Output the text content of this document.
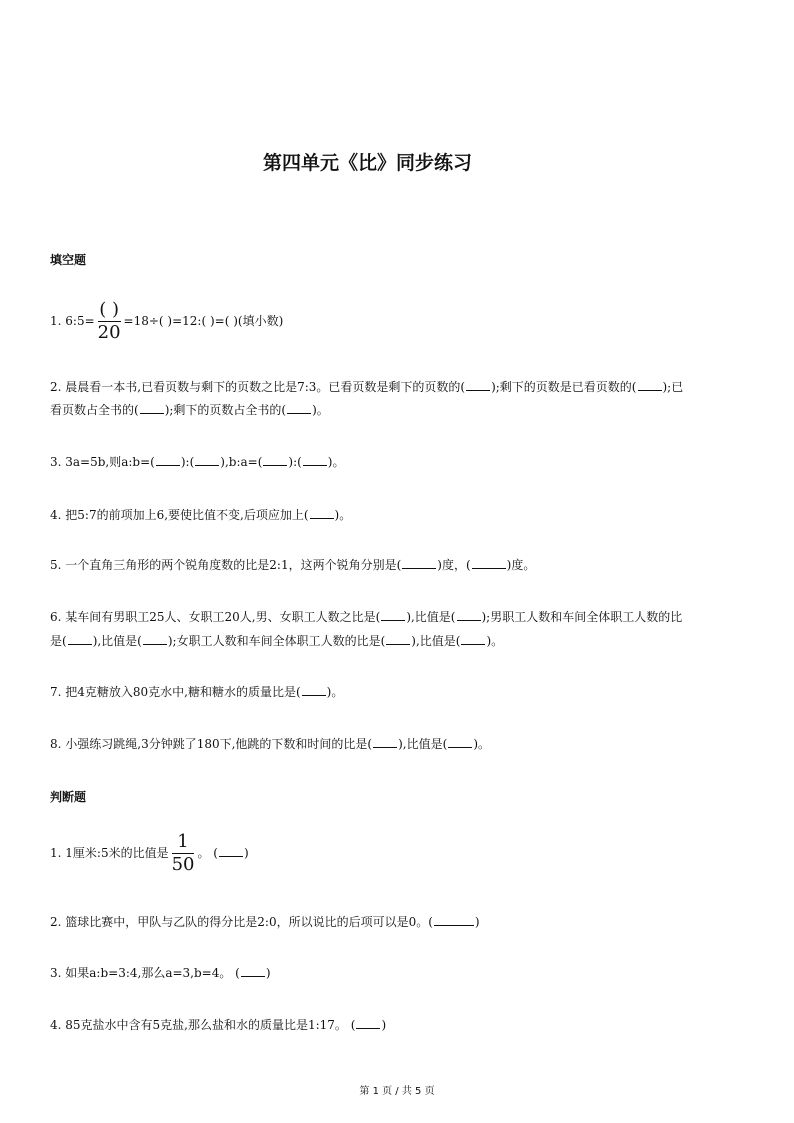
第四单元《比》同步练习
填空题
1. 6:5= $\frac{( )}{20} =18\div$( )=12:( )=( )(填小数)
2. 晨晨看一本书,已看页数与剩下的页数之比是7:3。已看页数是剩下的页数的( );剩下的页数是已看页数的( );已
看页数占全书的( );剩下的页数占全书的( )。
3. 3a=5b,则a:b=( ):( ),b:a=( ):( )。
4. 把5:7的前项加上6,要使比值不变,后项应加上( )。
5. 一个直角三角形的两个锐角度数的比是2:1，这两个锐角分别是(	)度，(	)度。
6. 某车间有男职工25人、女职工20人,男、女职工人数之比是( ),比值是( );男职工人数和车间全体职工人数的比
是( ),比值是( );女职工人数和车间全体职工人数的比是( ),比值是( )。
7. 把4克糖放入80克水中,糖和糖水的质量比是( )。
8. 小强练习跳绳,3分钟跳了180下,他跳的下数和时间的比是( ),比值是( )。
判断题
1. 1厘米:5米的比值是 $\frac{1}{50}$ 。 ( )
2. 篮球比赛中，甲队与乙队的得分比是2:0，所以说比的后项可以是0。(	)
3. 如果a:b=3:4,那么a=3,b=4。 ( )
4. 85克盐水中含有5克盐,那么盐和水的质量比是1:17。 ( )
第 1 页 / 共 5 页
